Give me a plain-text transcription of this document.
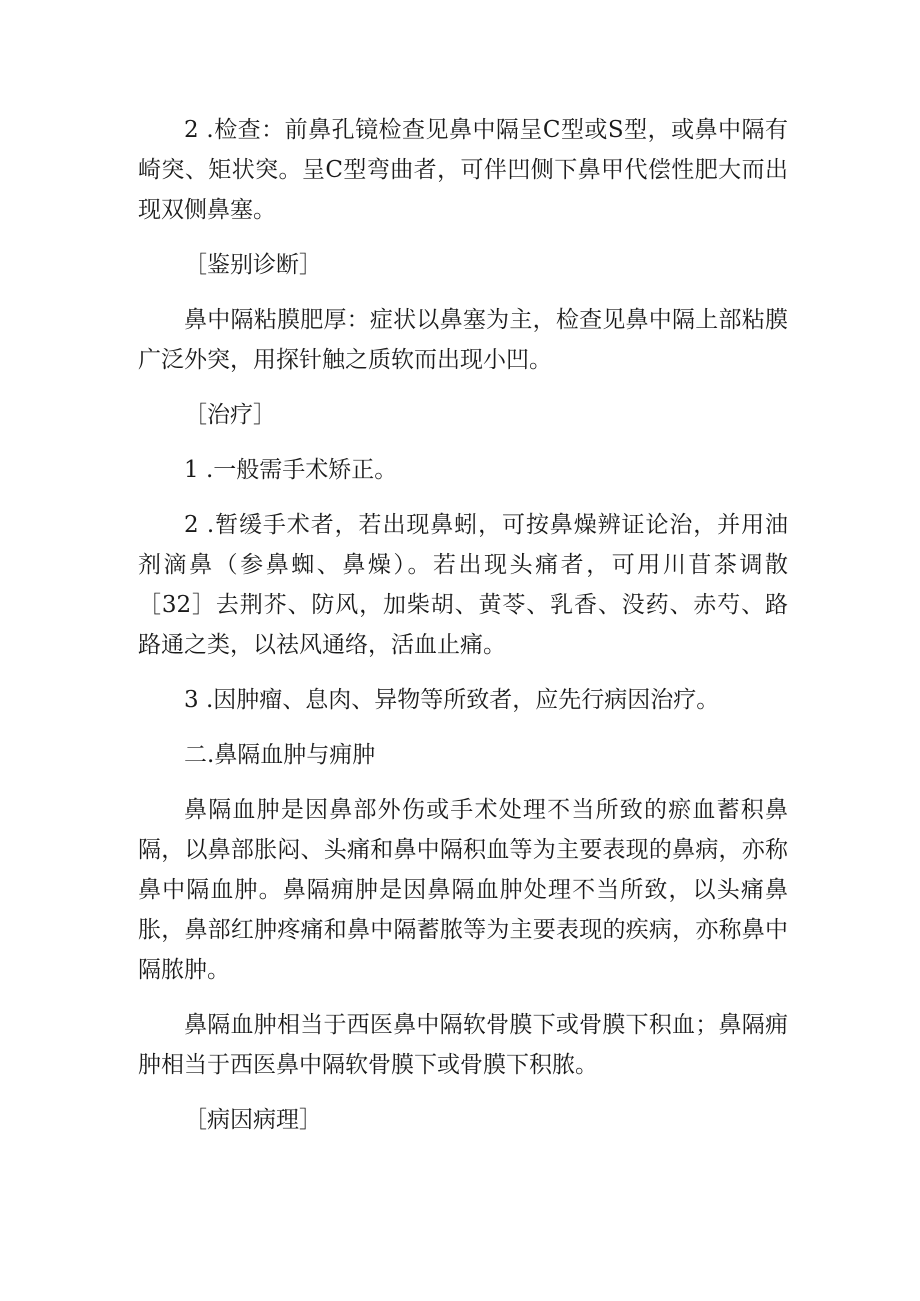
2 .检查：前鼻孔镜检查见鼻中隔呈C型或S型，或鼻中隔有崎突、矩状突。呈C型弯曲者，可伴凹侧下鼻甲代偿性肥大而出现双侧鼻塞。

［鉴别诊断］

鼻中隔粘膜肥厚：症状以鼻塞为主，检查见鼻中隔上部粘膜广泛外突，用探针触之质软而出现小凹。

［治疗］

1 .一般需手术矫正。

2 .暂缓手术者，若出现鼻蚓，可按鼻燥辨证论治，并用油剂滴鼻（参鼻蜘、鼻燥）。若出现头痛者，可用川苜茶调散［32］去荆芥、防风，加柴胡、黄苓、乳香、没药、赤芍、路路通之类，以祛风通络，活血止痛。

3 .因肿瘤、息肉、异物等所致者，应先行病因治疗。

二.鼻隔血肿与痈肿

鼻隔血肿是因鼻部外伤或手术处理不当所致的瘀血蓄积鼻隔，以鼻部胀闷、头痛和鼻中隔积血等为主要表现的鼻病，亦称鼻中隔血肿。鼻隔痈肿是因鼻隔血肿处理不当所致，以头痛鼻胀，鼻部红肿疼痛和鼻中隔蓄脓等为主要表现的疾病，亦称鼻中隔脓肿。

鼻隔血肿相当于西医鼻中隔软骨膜下或骨膜下积血；鼻隔痈肿相当于西医鼻中隔软骨膜下或骨膜下积脓。

［病因病理］
